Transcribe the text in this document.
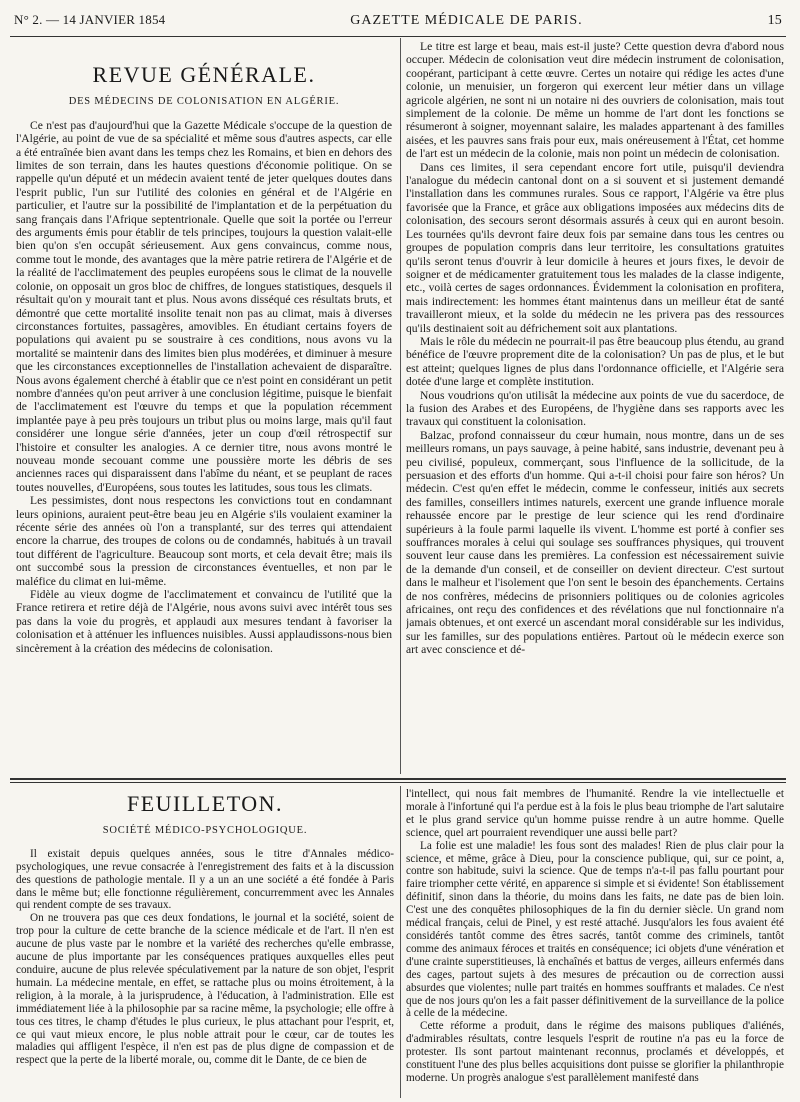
N° 2. — 14 JANVIER 1854	GAZETTE MÉDICALE DE PARIS.	15
REVUE GÉNÉRALE.
DES MÉDECINS DE COLONISATION EN ALGÉRIE.

Ce n'est pas d'aujourd'hui que la Gazette Médicale s'occupe de la question de l'Algérie, au point de vue de sa spécialité et même sous d'autres aspects, car elle a été entraînée bien avant dans les temps chez les Romains, et bien en dehors des limites de son terrain, dans les hautes questions d'économie politique. On se rappelle qu'un député et un médecin avaient tenté de jeter quelques doutes dans l'esprit public, l'un sur l'utilité des colonies en général et de l'Algérie en particulier, et l'autre sur la possibilité de l'implantation et de la perpétuation du sang français dans l'Afrique septentrionale. Quelle que soit la portée ou l'erreur des arguments émis pour établir de tels principes, toujours la question valait-elle bien qu'on s'en occupât sérieusement. Aux gens convaincus, comme nous, comme tout le monde, des avantages que la mère patrie retirera de l'Algérie et de la réalité de l'acclimatement des peuples européens sous le climat de la nouvelle colonie, on opposait un gros bloc de chiffres, de longues statistiques, desquels il résultait qu'on y mourait tant et plus. Nous avons disséqué ces résultats bruts, et démontré que cette mortalité insolite tenait non pas au climat, mais à diverses circonstances fortuites, passagères, amovibles. En étudiant certains foyers de populations qui avaient pu se soustraire à ces conditions, nous avons vu la mortalité se maintenir dans des limites bien plus modérées, et diminuer à mesure que les circonstances exceptionnelles de l'installation achevaient de disparaître. Nous avons également cherché à établir que ce n'est point en considérant un petit nombre d'années qu'on peut arriver à une conclusion légitime, puisque le bienfait de l'acclimatement est l'œuvre du temps et que la population récemment implantée paye à peu près toujours un tribut plus ou moins large, mais qu'il faut considérer une longue série d'années, jeter un coup d'œil rétrospectif sur l'histoire et consulter les analogies. A ce dernier titre, nous avons montré le nouveau monde secouant comme une poussière morte les débris de ses anciennes races qui disparaissent dans l'abîme du néant, et se peuplant de races toutes nouvelles, d'Européens, sous toutes les latitudes, sous tous les climats.

Les pessimistes, dont nous respectons les convictions tout en condamnant leurs opinions, auraient peut-être beau jeu en Algérie s'ils voulaient examiner la récente série des années où l'on a transplanté, sur des terres qui attendaient encore la charrue, des troupes de colons ou de condamnés, habitués à un travail tout différent de l'agriculture. Beaucoup sont morts, et cela devait être; mais ils ont succombé sous la pression de circonstances éventuelles, et non par le maléfice du climat en lui-même.

Fidèle au vieux dogme de l'acclimatement et convaincu de l'utilité que la France retirera et retire déjà de l'Algérie, nous avons suivi avec intérêt tous ses pas dans la voie du progrès, et applaudi aux mesures tendant à favoriser la colonisation et à atténuer les influences nuisibles. Aussi applaudissons-nous bien sincèrement à la création des médecins de colonisation.

Le titre est large et beau, mais est-il juste? Cette question devra d'abord nous occuper. Médecin de colonisation veut dire médecin instrument de colonisation, coopérant, participant à cette œuvre. Certes un notaire qui rédige les actes d'une colonie, un menuisier, un forgeron qui exercent leur métier dans un village agricole algérien, ne sont ni un notaire ni des ouvriers de colonisation, mais tout simplement de la colonie. De même un homme de l'art dont les fonctions se résumeront à soigner, moyennant salaire, les malades appartenant à des familles aisées, et les pauvres sans frais pour eux, mais onéreusement à l'État, cet homme de l'art est un médecin de la colonie, mais non point un médecin de colonisation.

Dans ces limites, il sera cependant encore fort utile, puisqu'il deviendra l'analogue du médecin cantonal dont on a si souvent et si justement demandé l'installation dans les communes rurales. Sous ce rapport, l'Algérie va être plus favorisée que la France, et grâce aux obligations imposées aux médecins dits de colonisation, des secours seront désormais assurés à ceux qui en auront besoin. Les tournées qu'ils devront faire deux fois par semaine dans tous les centres ou groupes de population compris dans leur territoire, les consultations gratuites qu'ils seront tenus d'ouvrir à leur domicile à heures et jours fixes, le devoir de soigner et de médicamenter gratuitement tous les malades de la classe indigente, etc., voilà certes de sages ordonnances. Évidemment la colonisation en profitera, mais indirectement: les hommes étant maintenus dans un meilleur état de santé travailleront mieux, et la solde du médecin ne les privera pas des ressources qu'ils destinaient soit au défrichement soit aux plantations.

Mais le rôle du médecin ne pourrait-il pas être beaucoup plus étendu, au grand bénéfice de l'œuvre proprement dite de la colonisation? Un pas de plus, et le but est atteint; quelques lignes de plus dans l'ordonnance officielle, et l'Algérie sera dotée d'une large et complète institution.

Nous voudrions qu'on utilisât la médecine aux points de vue du sacerdoce, de la fusion des Arabes et des Européens, de l'hygiène dans ses rapports avec les travaux qui constituent la colonisation.

Balzac, profond connaisseur du cœur humain, nous montre, dans un de ses meilleurs romans, un pays sauvage, à peine habité, sans industrie, devenant peu à peu civilisé, populeux, commerçant, sous l'influence de la sollicitude, de la persuasion et des efforts d'un homme. Qui a-t-il choisi pour faire son héros? Un médecin. C'est qu'en effet le médecin, comme le confesseur, initiés aux secrets des familles, conseillers intimes naturels, exercent une grande influence morale rehaussée encore par le prestige de leur science qui les rend d'ordinaire supérieurs à la foule parmi laquelle ils vivent. L'homme est porté à confier ses souffrances morales à celui qui soulage ses souffrances physiques, qui trouvent souvent leur cause dans les premières. La confession est nécessairement suivie de la demande d'un conseil, et de conseiller on devient directeur. C'est surtout dans le malheur et l'isolement que l'on sent le besoin des épanchements. Certains de nos confrères, médecins de prisonniers politiques ou de colonies agricoles africaines, ont reçu des confidences et des révélations que nul fonctionnaire n'a jamais obtenues, et ont exercé un ascendant moral considérable sur les individus, sur les familles, sur des populations entières. Partout où le médecin exerce son art avec conscience et dé-

FEUILLETON.
SOCIÉTÉ MÉDICO-PSYCHOLOGIQUE.

Il existait depuis quelques années, sous le titre d'Annales médico-psychologiques, une revue consacrée à l'enregistrement des faits et à la discussion des questions de pathologie mentale. Il y a un an une société a été fondée à Paris dans le même but; elle fonctionne régulièrement, concurremment avec les Annales qui rendent compte de ses travaux.

On ne trouvera pas que ces deux fondations, le journal et la société, soient de trop pour la culture de cette branche de la science médicale et de l'art. Il n'en est aucune de plus vaste par le nombre et la variété des recherches qu'elle embrasse, aucune de plus importante par les conséquences pratiques auxquelles elles peut conduire, aucune de plus relevée spéculativement par la nature de son objet, l'esprit humain. La médecine mentale, en effet, se rattache plus ou moins étroitement, à la religion, à la morale, à la jurisprudence, à l'éducation, à l'administration. Elle est immédiatement liée à la philosophie par sa racine même, la psychologie; elle offre à tous ces titres, le champ d'études le plus curieux, le plus attachant pour l'esprit, et, ce qui vaut mieux encore, le plus noble attrait pour le cœur, car de toutes les maladies qui affligent l'espèce, il n'en est pas de plus digne de compassion et de respect que la perte de la liberté morale, ou, comme dit le Dante, de ce bien de

l'intellect, qui nous fait membres de l'humanité. Rendre la vie intellectuelle et morale à l'infortuné qui l'a perdue est à la fois le plus beau triomphe de l'art salutaire et le plus grand service qu'un homme puisse rendre à un autre homme. Quelle science, quel art pourraient revendiquer une aussi belle part?

La folie est une maladie! les fous sont des malades! Rien de plus clair pour la science, et même, grâce à Dieu, pour la conscience publique, qui, sur ce point, a, contre son habitude, suivi la science. Que de temps n'a-t-il pas fallu pourtant pour faire triompher cette vérité, en apparence si simple et si évidente! Son établissement définitif, sinon dans la théorie, du moins dans les faits, ne date pas de bien loin. C'est une des conquêtes philosophiques de la fin du dernier siècle. Un grand nom médical français, celui de Pinel, y est resté attaché. Jusqu'alors les fous avaient été considérés tantôt comme des êtres sacrés, tantôt comme des criminels, tantôt comme des animaux féroces et traités en conséquence; ici objets d'une vénération et d'une crainte superstitieuses, là enchaînés et battus de verges, ailleurs enfermés dans des cages, partout sujets à des mesures de précaution ou de correction aussi absurdes que violentes; nulle part traités en hommes souffrants et malades. Ce n'est que de nos jours qu'on les a fait passer définitivement de la surveillance de la police à celle de la médecine.

Cette réforme a produit, dans le régime des maisons publiques d'aliénés, d'admirables résultats, contre lesquels l'esprit de routine n'a pas eu la force de protester. Ils sont partout maintenant reconnus, proclamés et développés, et constituent l'une des plus belles acquisitions dont puisse se glorifier la philanthropie moderne. Un progrès analogue s'est parallèlement manifesté dans
